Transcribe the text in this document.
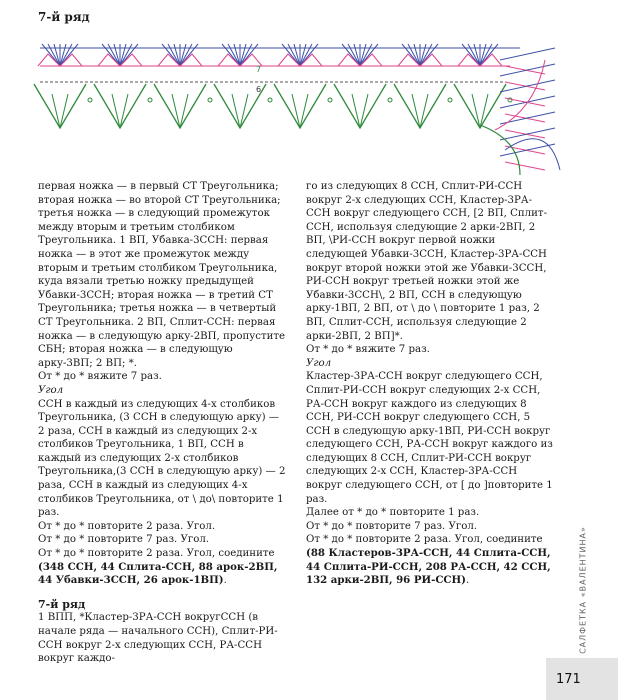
7-й ряд
7
6

первая ножка — в первый СТ Треугольника; вторая ножка — во второй СТ Треугольника; третья ножка — в следующий промежуток между вторым и третьим столбиком Треугольника. 1 ВП, Убавка-3ССН: первая ножка — в этот же промежуток между вторым и третьим столбиком Треугольника, куда вязали третью ножку предыдущей Убавки-3ССН; вторая ножка — в третий СТ Треугольника; третья ножка — в четвертый СТ Треугольника. 2 ВП, Сплит-ССН: первая ножка — в следующую арку-2ВП, пропустите СБН; вторая ножка — в следующую арку-3ВП; 2 ВП; *.

От * до * вяжите 7 раз.

Угол

ССН в каждый из следующих 4-х столбиков Треугольника, (3 ССН в следующую арку) — 2 раза, ССН в каждый из следующих 2-х столбиков Треугольника, 1 ВП, ССН в каждый из следующих 2-х столбиков Треугольника,(3 ССН в следующую арку) — 2 раза, ССН в каждый из следующих 4-х столбиков Треугольника, от \ до\ повторите 1 раз.

От * до * повторите 2 раза. Угол.

От * до * повторите 7 раз. Угол.

От * до * повторите 2 раза. Угол, соедините (348 ССН, 44 Сплита-ССН, 88 арок-2ВП, 44 Убавки-3ССН, 26 арок-1ВП).

7-й ряд

1 ВПП, *Кластер-3РА-ССН вокругССН (в начале ряда — начального ССН), Сплит-РИ-ССН вокруг 2-х следующих ССН, РА-ССН вокруг каждо-

го из следующих 8 ССН, Сплит-РИ-ССН вокруг 2-х следующих ССН, Кластер-3РА-ССН вокруг следующего ССН, [2 ВП, Сплит-ССН, используя следующие 2 арки-2ВП, 2 ВП, \РИ-ССН вокруг первой ножки следующей Убавки-3ССН, Кластер-3РА-ССН вокруг второй ножки этой же Убавки-3ССН, РИ-ССН вокруг третьей ножки этой же Убавки-3ССН\, 2 ВП, ССН в следующую арку-1ВП, 2 ВП, от \ до \ повторите 1 раз, 2 ВП, Сплит-ССН, используя следующие 2 арки-2ВП, 2 ВП]*.

От * до * вяжите 7 раз.

Угол

Кластер-3РА-ССН вокруг следующего ССН, Сплит-РИ-ССН вокруг следующих 2-х ССН, РА-ССН вокруг каждого из следующих 8 ССН, РИ-ССН вокруг следующего ССН, 5 ССН в следующую арку-1ВП, РИ-ССН вокруг следующего ССН, РА-ССН вокруг каждого из следующих 8 ССН, Сплит-РИ-ССН вокруг следующих 2-х ССН, Кластер-3РА-ССН вокруг следующего ССН, от [ до ]повторите 1 раз.

Далее от * до * повторите 1 раз.

От * до * повторите 7 раз. Угол.

От * до * повторите 2 раза. Угол, соедините (88 Кластеров-3РА-ССН, 44 Сплита-ССН, 44 Сплита-РИ-ССН, 208 РА-ССН, 42 ССН, 132 арки-2ВП, 96 РИ-ССН).	САЛФЕТКА «ВАЛЕНТИНА»
171
